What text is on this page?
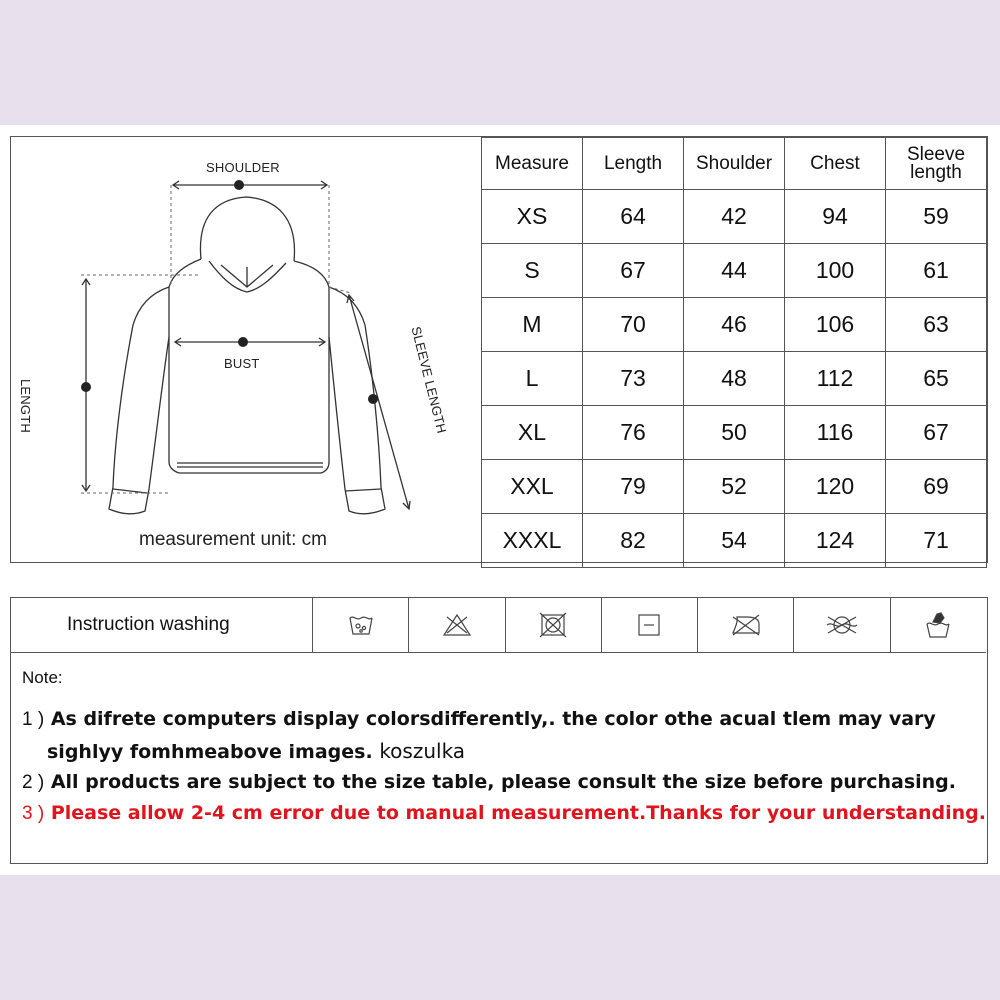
SHOULDER
BUST
LENGTH	SLEEVE LENGTH
measurement unit: cm
Measure	Length	Shoulder	Chest	Sleeve
length
XS	64	42	94	59
S	67	44	100	61
M	70	46	106	63
L	73	48	112	65
XL	76	50	116	67
XXL	79	52	120	69
XXXL	82	54	124	71
Instruction washing
Note:
1 ) As difrete computers display colorsdifferently,. the color othe acual tlem may vary
sighlyy fomhmeabove images. koszulka
2 ) All products are subject to the size table, please consult the size before purchasing.
3 ) Please allow 2-4 cm error due to manual measurement.Thanks for your understanding.
